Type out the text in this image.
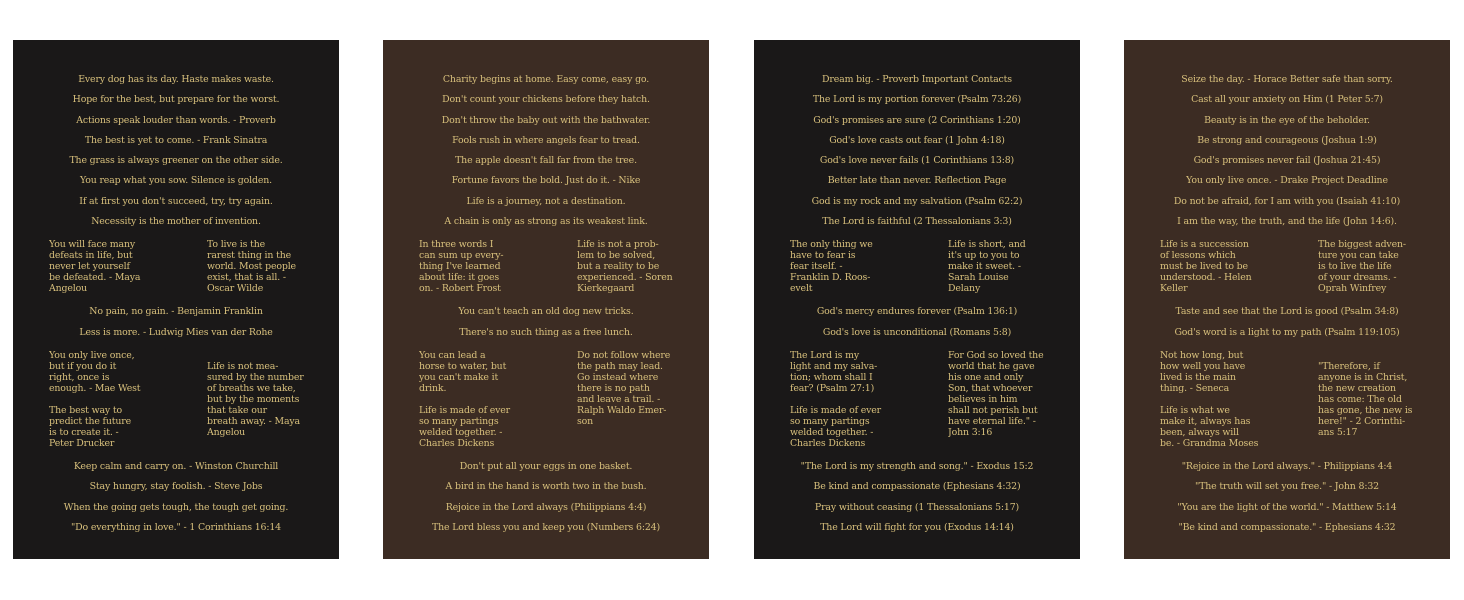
Every dog has its day. Haste makes waste.
Hope for the best, but prepare for the worst.
Actions speak louder than words. - Proverb
The best is yet to come. - Frank Sinatra
The grass is always greener on the other side.
You reap what you sow. Silence is golden.
If at first you don't succeed, try, try again.
Necessity is the mother of invention.
You will face many
defeats in life, but
never let yourself
be defeated. - Maya
Angelou
To live is the
rarest thing in the
world. Most people
exist, that is all. -
Oscar Wilde
No pain, no gain. - Benjamin Franklin
Less is more. - Ludwig Mies van der Rohe
You only live once,
but if you do it
right, once is
enough. - Mae West

The best way to
predict the future
is to create it. -
Peter Drucker

Life is not mea-
sured by the number
of breaths we take,
but by the moments
that take our
breath away. - Maya
Angelou
Keep calm and carry on. - Winston Churchill
Stay hungry, stay foolish. - Steve Jobs
When the going gets tough, the tough get going.
"Do everything in love." - 1 Corinthians 16:14
Charity begins at home. Easy come, easy go.
Don't count your chickens before they hatch.
Don't throw the baby out with the bathwater.
Fools rush in where angels fear to tread.
The apple doesn't fall far from the tree.
Fortune favors the bold. Just do it. - Nike
Life is a journey, not a destination.
A chain is only as strong as its weakest link.
In three words I
can sum up every-
thing I've learned
about life: it goes
on. - Robert Frost
Life is not a prob-
lem to be solved,
but a reality to be
experienced. - Soren
Kierkegaard
You can't teach an old dog new tricks.
There's no such thing as a free lunch.
You can lead a
horse to water, but
you can't make it
drink.

Life is made of ever
so many partings
welded together. -
Charles Dickens
Do not follow where
the path may lead.
Go instead where
there is no path
and leave a trail. -
Ralph Waldo Emer-
son
Don't put all your eggs in one basket.
A bird in the hand is worth two in the bush.
Rejoice in the Lord always (Philippians 4:4)
The Lord bless you and keep you (Numbers 6:24)
Dream big. - Proverb Important Contacts
The Lord is my portion forever (Psalm 73:26)
God's promises are sure (2 Corinthians 1:20)
God's love casts out fear (1 John 4:18)
God's love never fails (1 Corinthians 13:8)
Better late than never. Reflection Page
God is my rock and my salvation (Psalm 62:2)
The Lord is faithful (2 Thessalonians 3:3)
The only thing we
have to fear is
fear itself. -
Franklin D. Roos-
evelt
Life is short, and
it's up to you to
make it sweet. -
Sarah Louise
Delany
God's mercy endures forever (Psalm 136:1)
God's love is unconditional (Romans 5:8)
The Lord is my
light and my salva-
tion; whom shall I
fear? (Psalm 27:1)

Life is made of ever
so many partings
welded together. -
Charles Dickens
For God so loved the
world that he gave
his one and only
Son, that whoever
believes in him
shall not perish but
have eternal life." -
John 3:16
"The Lord is my strength and song." - Exodus 15:2
Be kind and compassionate (Ephesians 4:32)
Pray without ceasing (1 Thessalonians 5:17)
The Lord will fight for you (Exodus 14:14)
Seize the day. - Horace Better safe than sorry.
Cast all your anxiety on Him (1 Peter 5:7)
Beauty is in the eye of the beholder.
Be strong and courageous (Joshua 1:9)
God's promises never fail (Joshua 21:45)
You only live once. - Drake Project Deadline
Do not be afraid, for I am with you (Isaiah 41:10)
I am the way, the truth, and the life (John 14:6).
Life is a succession
of lessons which
must be lived to be
understood. - Helen
Keller
The biggest adven-
ture you can take
is to live the life
of your dreams. -
Oprah Winfrey
Taste and see that the Lord is good (Psalm 34:8)
God's word is a light to my path (Psalm 119:105)
Not how long, but
how well you have
lived is the main
thing. - Seneca

Life is what we
make it, always has
been, always will
be. - Grandma Moses

"Therefore, if
anyone is in Christ,
the new creation
has come: The old
has gone, the new is
here!" - 2 Corinthi-
ans 5:17
"Rejoice in the Lord always." - Philippians 4:4
"The truth will set you free." - John 8:32
"You are the light of the world." - Matthew 5:14
"Be kind and compassionate." - Ephesians 4:32
